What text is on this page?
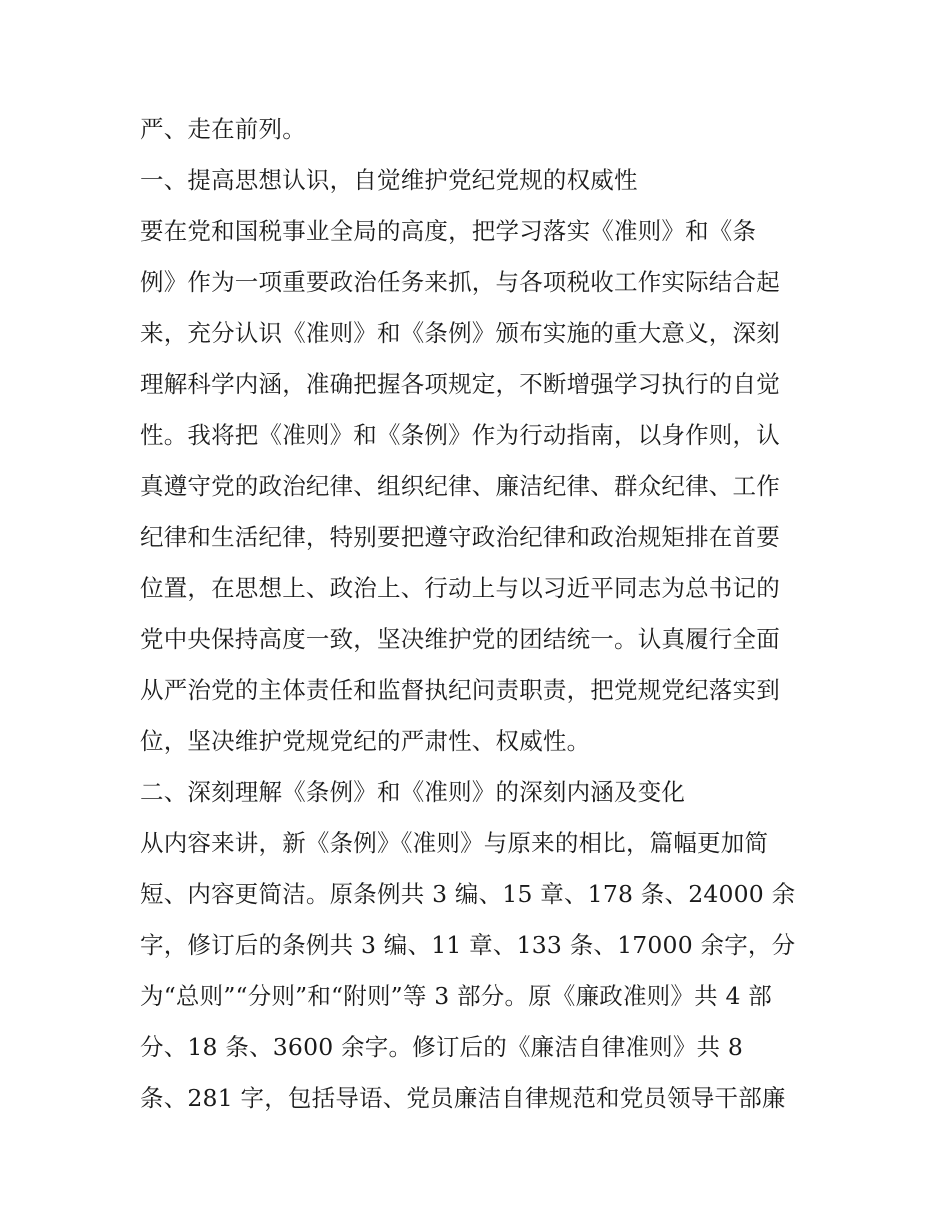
严、走在前列。
一、提高思想认识，自觉维护党纪党规的权威性
要在党和国税事业全局的高度，把学习落实《准则》和《条
例》作为一项重要政治任务来抓，与各项税收工作实际结合起
来，充分认识《准则》和《条例》颁布实施的重大意义，深刻
理解科学内涵，准确把握各项规定，不断增强学习执行的自觉
性。我将把《准则》和《条例》作为行动指南，以身作则，认
真遵守党的政治纪律、组织纪律、廉洁纪律、群众纪律、工作
纪律和生活纪律，特别要把遵守政治纪律和政治规矩排在首要
位置，在思想上、政治上、行动上与以习近平同志为总书记的
党中央保持高度一致，坚决维护党的团结统一。认真履行全面
从严治党的主体责任和监督执纪问责职责，把党规党纪落实到
位，坚决维护党规党纪的严肃性、权威性。
二、深刻理解《条例》和《准则》的深刻内涵及变化
从内容来讲，新《条例》《准则》与原来的相比，篇幅更加简
短、内容更简洁。原条例共 3 编、15 章、178 条、24000 余
字，修订后的条例共 3 编、11 章、133 条、17000 余字，分
为“总则”“分则”和“附则”等 3 部分。原《廉政准则》共 4 部
分、18 条、3600 余字。修订后的《廉洁自律准则》共 8
条、281 字，包括导语、党员廉洁自律规范和党员领导干部廉
